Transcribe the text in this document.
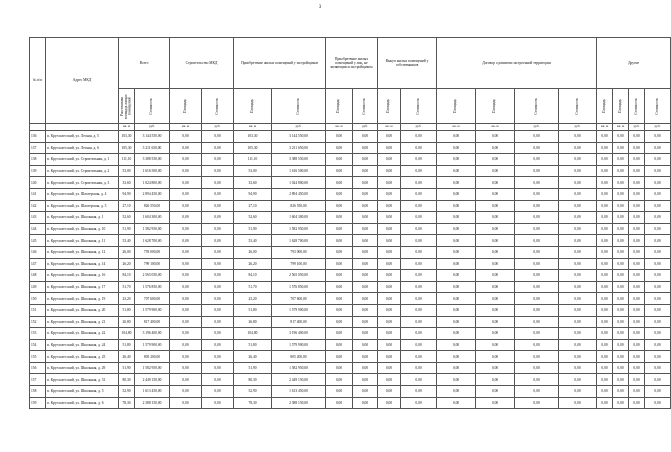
3
№ п/п	Адрес МКД	Всего		Строительство МКД		Приобретение жилых помещений у застройщиков		Приобретение жилых помещений у лиц, не являющихся застройщиком		Выкуп жилых помещений у собственников		Договор о развитии застроенной территории				Другие			

		Расселяемая площадь жилых помещений	Стоимость	Площадь	Стоимость	Площадь	Стоимость	Площадь	Стоимость	Площадь	Стоимость	Площадь	Площадь	Стоимость	Стоимость	Площадь	Площадь	Стоимость	Стоимость

		кв. м	руб.	кв. м	руб.	кв. м	руб.	кв. м	руб.	кв. м	руб.	кв. м	кв. м	руб.	руб.	кв. м	кв. м	руб.	руб.
136	п. Круглолесский, ул. Лесная, д. 5	103,30	3 144 550,00	0,00	0,00	103,30	3 144 550,00	0,00	0,00	0,00	0,00	0,00	0,00	0,00	0,00	0,00	0,00	0,00	0,00
137	п. Круглолесский, ул. Лесная, д. 6	105,30	3 211 650,00	0,00	0,00	105,30	3 211 650,00	0,00	0,00	0,00	0,00	0,00	0,00	0,00	0,00	0,00	0,00	0,00	0,00
138	п. Круглолесский, ул. Строительная, д. 1	111,10	3 388 550,00	0,00	0,00	111,10	3 388 550,00	0,00	0,00	0,00	0,00	0,00	0,00	0,00	0,00	0,00	0,00	0,00	0,00
139	п. Круглолесский, ул. Строительная, д. 2	53,00	1 616 500,00	0,00	0,00	53,00	1 616 500,00	0,00	0,00	0,00	0,00	0,00	0,00	0,00	0,00	0,00	0,00	0,00	0,00
140	п. Круглолесский, ул. Строительная, д. 3	33,60	1 024 800,00	0,00	0,00	33,60	1 024 800,00	0,00	0,00	0,00	0,00	0,00	0,00	0,00	0,00	0,00	0,00	0,00	0,00
141	п. Круглолесский, ул. Шахтерская, д. 4	94,90	2 894 450,00	0,00	0,00	94,90	2 894 450,00	0,00	0,00	0,00	0,00	0,00	0,00	0,00	0,00	0,00	0,00	0,00	0,00
142	п. Круглолесский, ул. Шахтерская, д. 5	27,10	826 550,00	0,00	0,00	27,10	826 550,00	0,00	0,00	0,00	0,00	0,00	0,00	0,00	0,00	0,00	0,00	0,00	0,00
143	п. Круглолесский, ул. Школьная, д. 1	52,60	1 604 300,00	0,00	0,00	52,60	1 604 300,00	0,00	0,00	0,00	0,00	0,00	0,00	0,00	0,00	0,00	0,00	0,00	0,00
144	п. Круглолесский, ул. Школьная, д. 10	51,90	1 582 950,00	0,00	0,00	51,90	1 582 950,00	0,00	0,00	0,00	0,00	0,00	0,00	0,00	0,00	0,00	0,00	0,00	0,00
145	п. Круглолесский, ул. Школьная, д. 11	53,40	1 628 700,00	0,00	0,00	53,40	1 628 700,00	0,00	0,00	0,00	0,00	0,00	0,00	0,00	0,00	0,00	0,00	0,00	0,00
146	п. Круглолесский, ул. Школьная, д. 12	26,00	793 000,00	0,00	0,00	26,00	793 000,00	0,00	0,00	0,00	0,00	0,00	0,00	0,00	0,00	0,00	0,00	0,00	0,00
147	п. Круглолесский, ул. Школьная, д. 14	26,20	799 100,00	0,00	0,00	26,20	799 100,00	0,00	0,00	0,00	0,00	0,00	0,00	0,00	0,00	0,00	0,00	0,00	0,00
148	п. Круглолесский, ул. Школьная, д. 16	84,10	2 565 050,00	0,00	0,00	84,10	2 565 050,00	0,00	0,00	0,00	0,00	0,00	0,00	0,00	0,00	0,00	0,00	0,00	0,00
149	п. Круглолесский, ул. Школьная, д. 17	51,70	1 576 850,00	0,00	0,00	51,70	1 576 850,00	0,00	0,00	0,00	0,00	0,00	0,00	0,00	0,00	0,00	0,00	0,00	0,00
150	п. Круглолесский, ул. Школьная, д. 19	23,20	707 600,00	0,00	0,00	23,20	707 600,00	0,00	0,00	0,00	0,00	0,00	0,00	0,00	0,00	0,00	0,00	0,00	0,00
151	п. Круглолесский, ул. Школьная, д. 20	51,80	1 579 900,00	0,00	0,00	51,80	1 579 900,00	0,00	0,00	0,00	0,00	0,00	0,00	0,00	0,00	0,00	0,00	0,00	0,00
152	п. Круглолесский, ул. Школьная, д. 21	26,80	817 400,00	0,00	0,00	26,80	817 400,00	0,00	0,00	0,00	0,00	0,00	0,00	0,00	0,00	0,00	0,00	0,00	0,00
153	п. Круглолесский, ул. Школьная, д. 22	104,80	3 196 400,00	0,00	0,00	104,80	3 196 400,00	0,00	0,00	0,00	0,00	0,00	0,00	0,00	0,00	0,00	0,00	0,00	0,00
154	п. Круглолесский, ул. Школьная, д. 24	51,80	1 579 900,00	0,00	0,00	51,80	1 579 900,00	0,00	0,00	0,00	0,00	0,00	0,00	0,00	0,00	0,00	0,00	0,00	0,00
155	п. Круглолесский, ул. Школьная, д. 25	26,40	805 200,00	0,00	0,00	26,40	805 200,00	0,00	0,00	0,00	0,00	0,00	0,00	0,00	0,00	0,00	0,00	0,00	0,00
156	п. Круглолесский, ул. Школьная, д. 29	51,90	1 582 950,00	0,00	0,00	51,90	1 582 950,00	0,00	0,00	0,00	0,00	0,00	0,00	0,00	0,00	0,00	0,00	0,00	0,00
157	п. Круглолесский, ул. Школьная, д. 31	80,30	2 449 150,00	0,00	0,00	80,30	2 449 150,00	0,00	0,00	0,00	0,00	0,00	0,00	0,00	0,00	0,00	0,00	0,00	0,00
158	п. Круглолесский, ул. Школьная, д. 5	52,90	1 613 450,00	0,00	0,00	52,90	1 613 450,00	0,00	0,00	0,00	0,00	0,00	0,00	0,00	0,00	0,00	0,00	0,00	0,00
159	п. Круглолесский, ул. Школьная, д. 6	78,30	2 388 150,00	0,00	0,00	78,30	2 388 150,00	0,00	0,00	0,00	0,00	0,00	0,00	0,00	0,00	0,00	0,00	0,00	0,00
